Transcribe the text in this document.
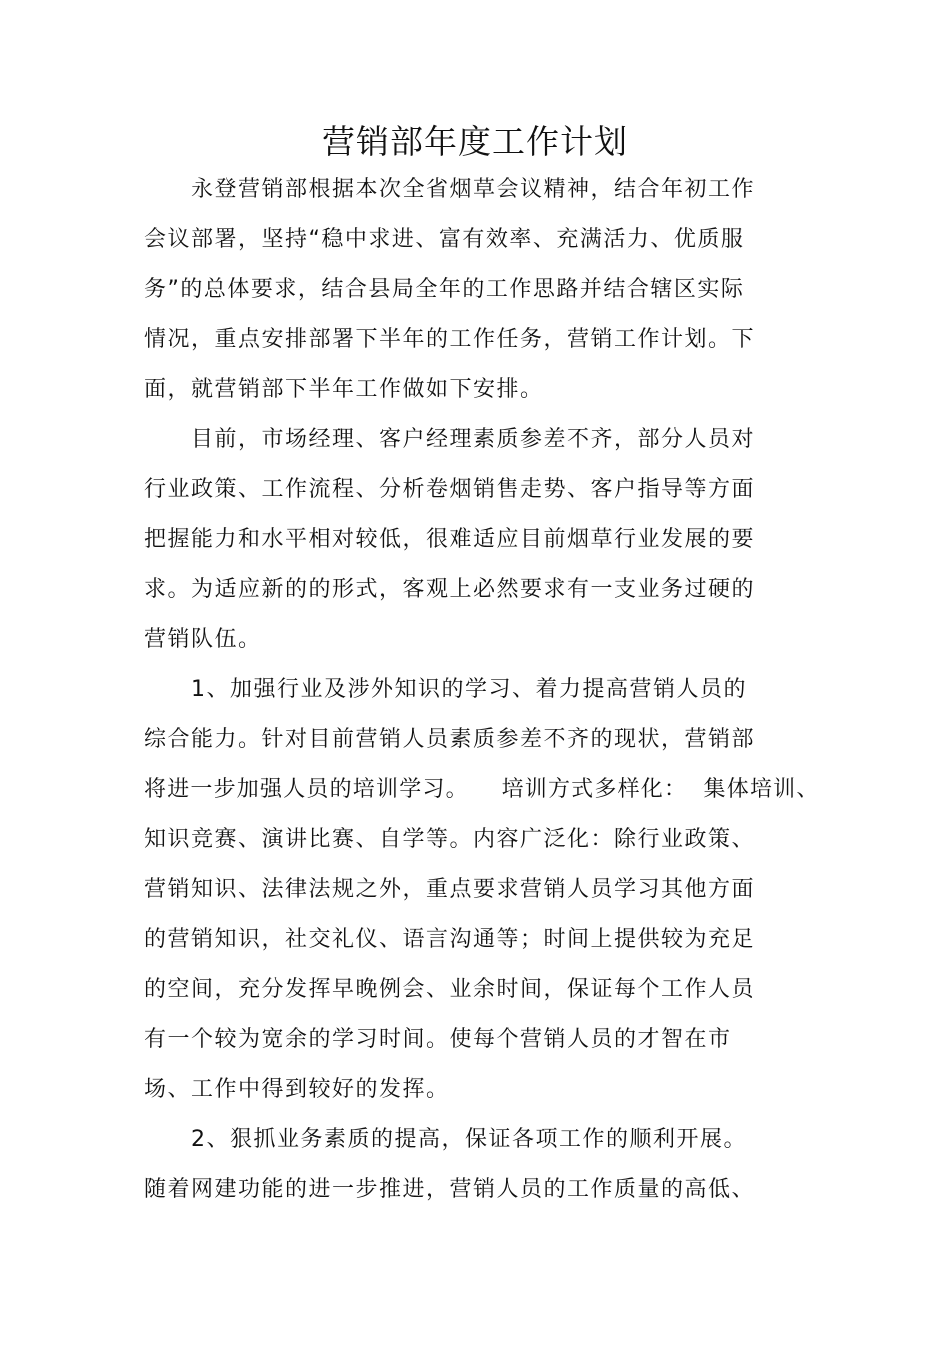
营销部年度工作计划
永登营销部根据本次全省烟草会议精神，结合年初工作
会议部署，坚持“稳中求进、富有效率、充满活力、优质服
务”的总体要求，结合县局全年的工作思路并结合辖区实际
情况，重点安排部署下半年的工作任务，营销工作计划。下
面，就营销部下半年工作做如下安排。
目前，市场经理、客户经理素质参差不齐，部分人员对
行业政策、工作流程、分析卷烟销售走势、客户指导等方面
把握能力和水平相对较低，很难适应目前烟草行业发展的要
求。为适应新的的形式，客观上必然要求有一支业务过硬的
营销队伍。
1、加强行业及涉外知识的学习、着力提高营销人员的
综合能力。针对目前营销人员素质参差不齐的现状，营销部
将进一步加强人员的培训学习。    培训方式多样化：  集体培训、
知识竞赛、演讲比赛、自学等。内容广泛化：除行业政策、
营销知识、法律法规之外，重点要求营销人员学习其他方面
的营销知识，社交礼仪、语言沟通等；时间上提供较为充足
的空间，充分发挥早晚例会、业余时间，保证每个工作人员
有一个较为宽余的学习时间。使每个营销人员的才智在市
场、工作中得到较好的发挥。
2、狠抓业务素质的提高，保证各项工作的顺利开展。
随着网建功能的进一步推进，营销人员的工作质量的高低、
